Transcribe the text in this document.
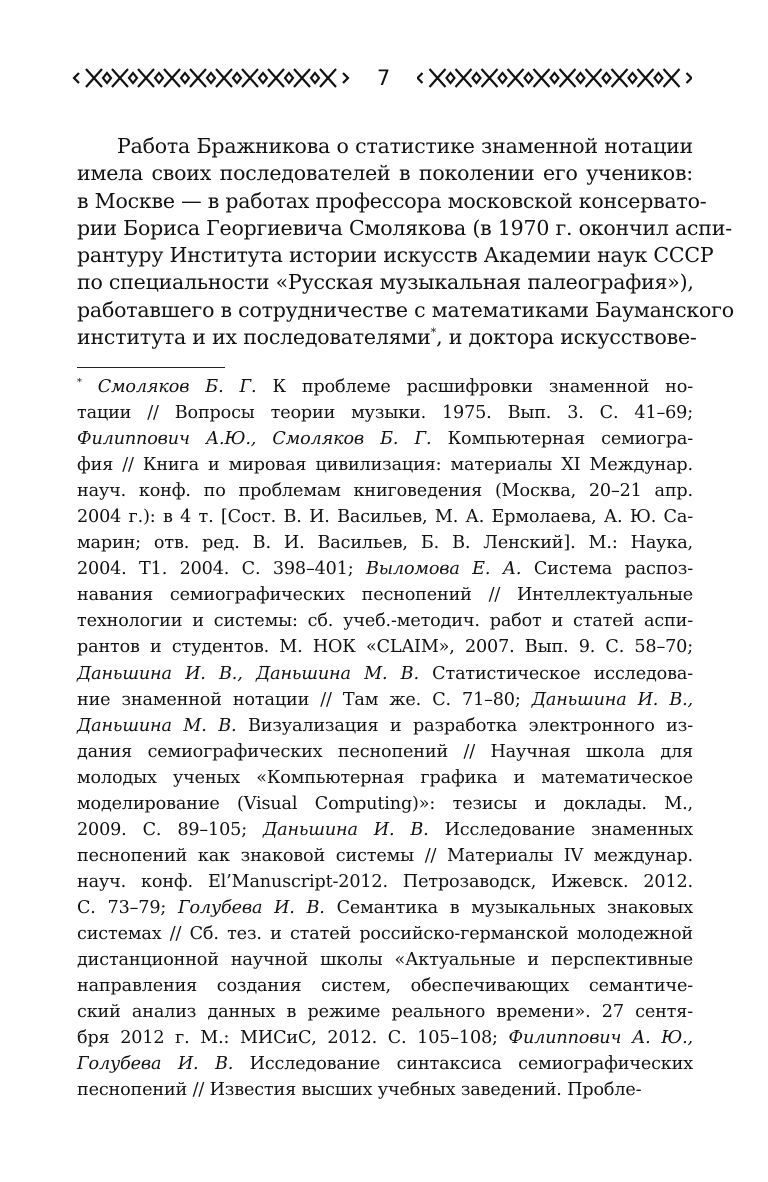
7
Работа Бражникова о статистике знаменной нотации
имела своих последователей в поколении его учеников:
в Москве — в работах профессора московской консервато-
рии Бориса Георгиевича Смолякова (в 1970 г. окончил аспи-
рантуру Института истории искусств Академии наук СССР
по специальности «Русская музыкальная палеография»),
работавшего в сотрудничестве с математиками Бауманского
института и их последователями*, и доктора искусствове-
* Смоляков Б. Г. К проблеме расшифровки знаменной но-
тации // Вопросы теории музыки. 1975. Вып. 3. С. 41–69;
Филиппович А.Ю., Смоляков Б. Г. Компьютерная семиогра-
фия // Книга и мировая цивилизация: материалы XI Междунар.
науч. конф. по проблемам книговедения (Москва, 20–21 апр.
2004 г.): в 4 т. [Сост. В. И. Васильев, М. А. Ермолаева, А. Ю. Са-
марин; отв. ред. В. И. Васильев, Б. В. Ленский]. М.: Наука,
2004. Т1. 2004. С. 398–401; Выломова Е. А. Система распоз-
навания семиографических песнопений // Интеллектуальные
технологии и системы: сб. учеб.-методич. работ и статей аспи-
рантов и студентов. М. НОК «CLAIM», 2007. Вып. 9. С. 58–70;
Даньшина И. В., Даньшина М. В. Статистическое исследова-
ние знаменной нотации // Там же. С. 71–80; Даньшина И. В.,
Даньшина М. В. Визуализация и разработка электронного из-
дания семиографических песнопений // Научная школа для
молодых ученых «Компьютерная графика и математическое
моделирование (Visual Computing)»: тезисы и доклады. М.,
2009. С. 89–105; Даньшина И. В. Исследование знаменных
песнопений как знаковой системы // Материалы IV междунар.
науч. конф. El’Manuscript-2012. Петрозаводск, Ижевск. 2012.
С. 73–79; Голубева И. В. Семантика в музыкальных знаковых
системах // Сб. тез. и статей российско-германской молодежной
дистанционной научной школы «Актуальные и перспективные
направления создания систем, обеспечивающих семантиче-
ский анализ данных в режиме реального времени». 27 сентя-
бря 2012 г. М.: МИСиС, 2012. С. 105–108; Филиппович А. Ю.,
Голубева И. В. Исследование синтаксиса семиографических
песнопений // Известия высших учебных заведений. Пробле-
